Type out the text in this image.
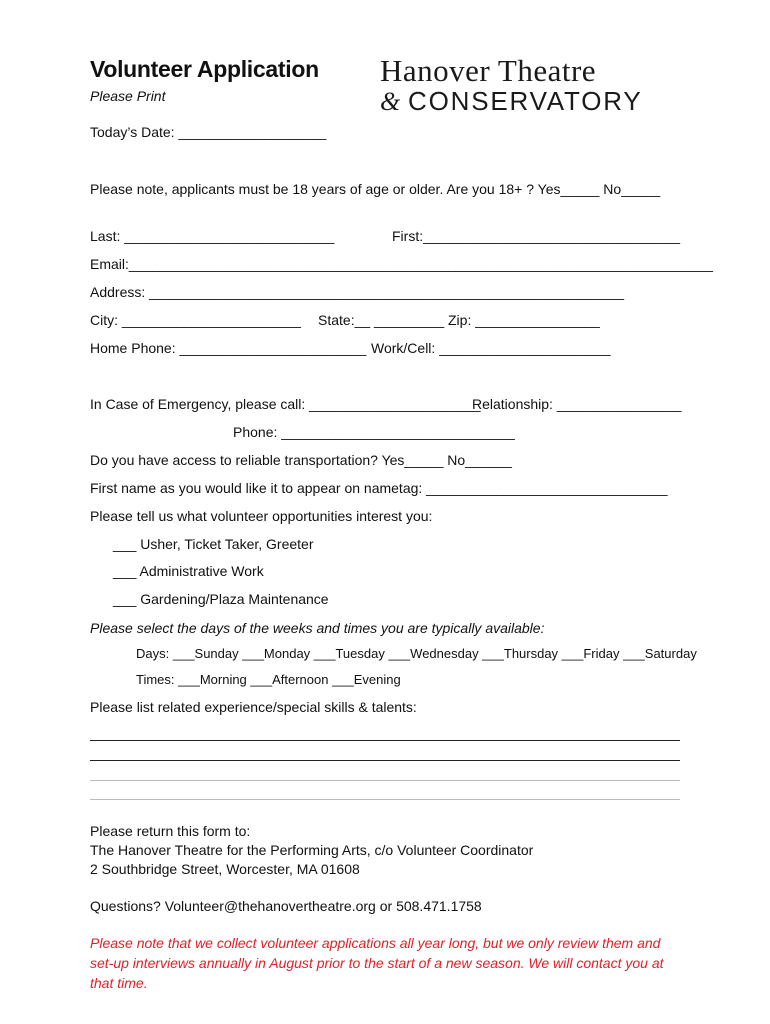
Volunteer Application
Please Print
Hanover Theatre
& CONSERVATORY
Today’s Date: ___________________
Please note, applicants must be 18 years of age or older. Are you 18+ ? Yes_____ No_____
Last: ___________________________	First:_________________________________
Email:___________________________________________________________________________
Address: _____________________________________________________________
City: _______________________ State:__ _________ Zip: ________________
Home Phone: ________________________ Work/Cell: ______________________
In Case of Emergency, please call: ______________________
Relationship: ________________
Phone: ______________________________
Do you have access to reliable transportation? Yes_____ No______
First name as you would like it to appear on nametag: _______________________________
Please tell us what volunteer opportunities interest you:
___ Usher, Ticket Taker, Greeter
___ Administrative Work
___ Gardening/Plaza Maintenance
Please select the days of the weeks and times you are typically available:
Days: ___Sunday ___Monday ___Tuesday ___Wednesday ___Thursday ___Friday ___Saturday
Times: ___Morning ___Afternoon ___Evening
Please list related experience/special skills & talents:
Please return this form to:
The Hanover Theatre for the Performing Arts, c/o Volunteer Coordinator
2 Southbridge Street, Worcester, MA 01608
Questions? Volunteer@thehanovertheatre.org or 508.471.1758
Please note that we collect volunteer applications all year long, but we only review them and set-up interviews annually in August prior to the start of a new season. We will contact you at that time.
